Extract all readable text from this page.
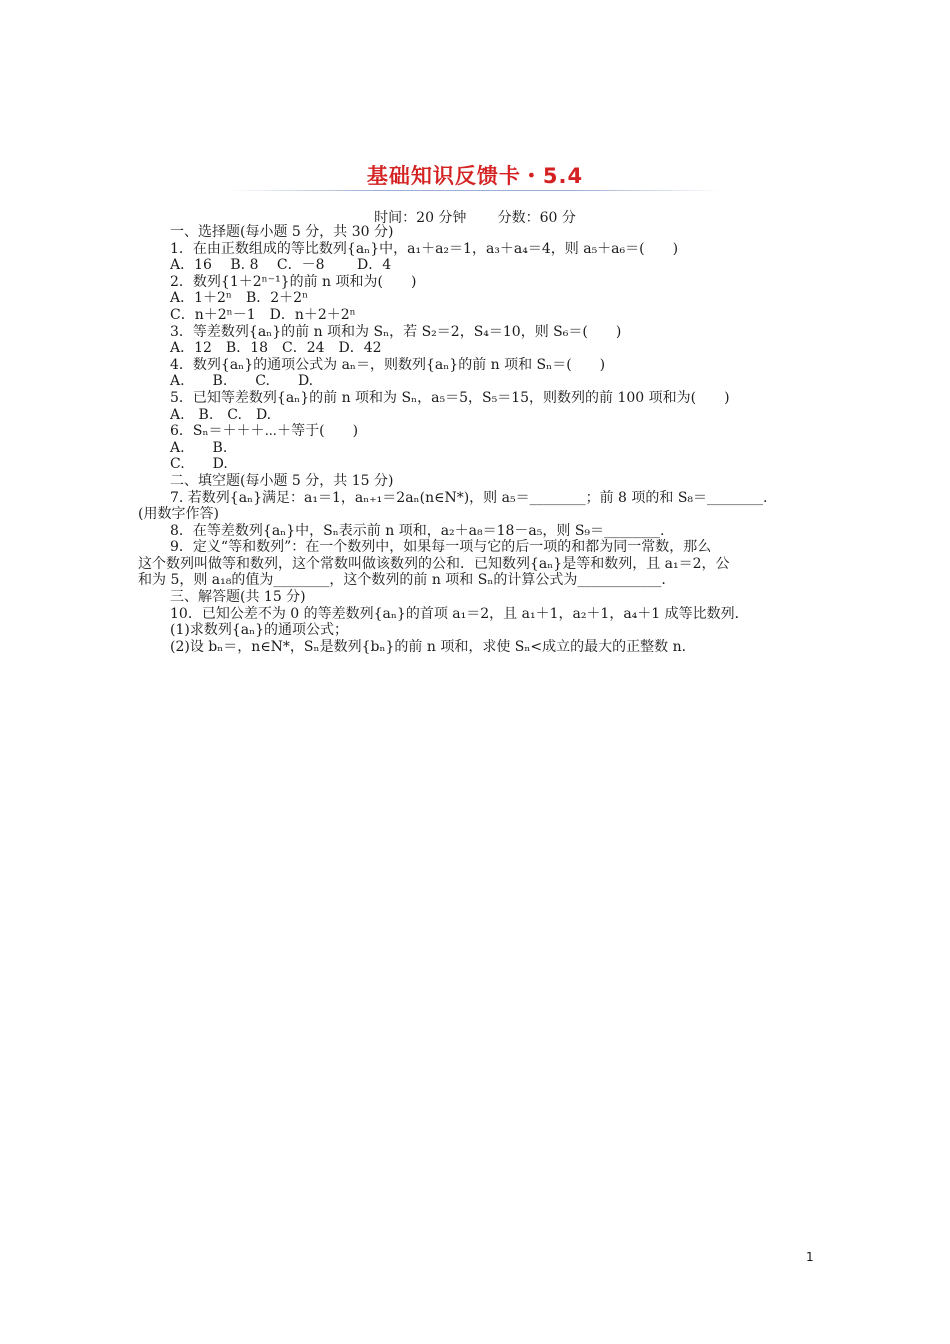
基础知识反馈卡・5.4
时间：20 分钟       分数：60 分
一、选择题(每小题 5 分，共 30 分)
1．在由正数组成的等比数列{aₙ}中，a₁＋a₂＝1，a₃＋a₄＝4，则 a₅＋a₆＝(　　)
A．16　 B. 8　 C．－8　　 D．4
2．数列{1＋2ⁿ⁻¹}的前 n 项和为(　　)
A．1＋2ⁿ　B．2＋2ⁿ
C．n＋2ⁿ－1　D．n＋2＋2ⁿ
3．等差数列{aₙ}的前 n 项和为 Sₙ，若 S₂＝2，S₄＝10，则 S₆＝(　　)
A．12　B．18　C．24　D．42
4．数列{aₙ}的通项公式为 aₙ＝，则数列{aₙ}的前 n 项和 Sₙ＝(　　)
A.　　B.　　C.　　D.
5．已知等差数列{aₙ}的前 n 项和为 Sₙ，a₅＝5，S₅＝15，则数列的前 100 项和为(　　)
A.　B.　C.　D.
6．Sₙ＝＋＋＋⋯＋等于(　　)
A.　　B.
C.　　D.
二、填空题(每小题 5 分，共 15 分)
7. 若数列{aₙ}满足：a₁＝1，aₙ₊₁＝2aₙ(n∈N*)，则 a₅＝________；前 8 项的和 S₈＝________.
(用数字作答)
8．在等差数列{aₙ}中，Sₙ表示前 n 项和，a₂＋a₈＝18－a₅，则 S₉＝________.
9．定义“等和数列”：在一个数列中，如果每一项与它的后一项的和都为同一常数，那么
这个数列叫做等和数列，这个常数叫做该数列的公和．已知数列{aₙ}是等和数列，且 a₁＝2，公
和为 5，则 a₁₈的值为________，这个数列的前 n 项和 Sₙ的计算公式为____________.
三、解答题(共 15 分)
10．已知公差不为 0 的等差数列{aₙ}的首项 a₁＝2，且 a₁＋1，a₂＋1，a₄＋1 成等比数列．
(1)求数列{aₙ}的通项公式；
(2)设 bₙ＝，n∈N*，Sₙ是数列{bₙ}的前 n 项和，求使 Sₙ<成立的最大的正整数 n.
1
